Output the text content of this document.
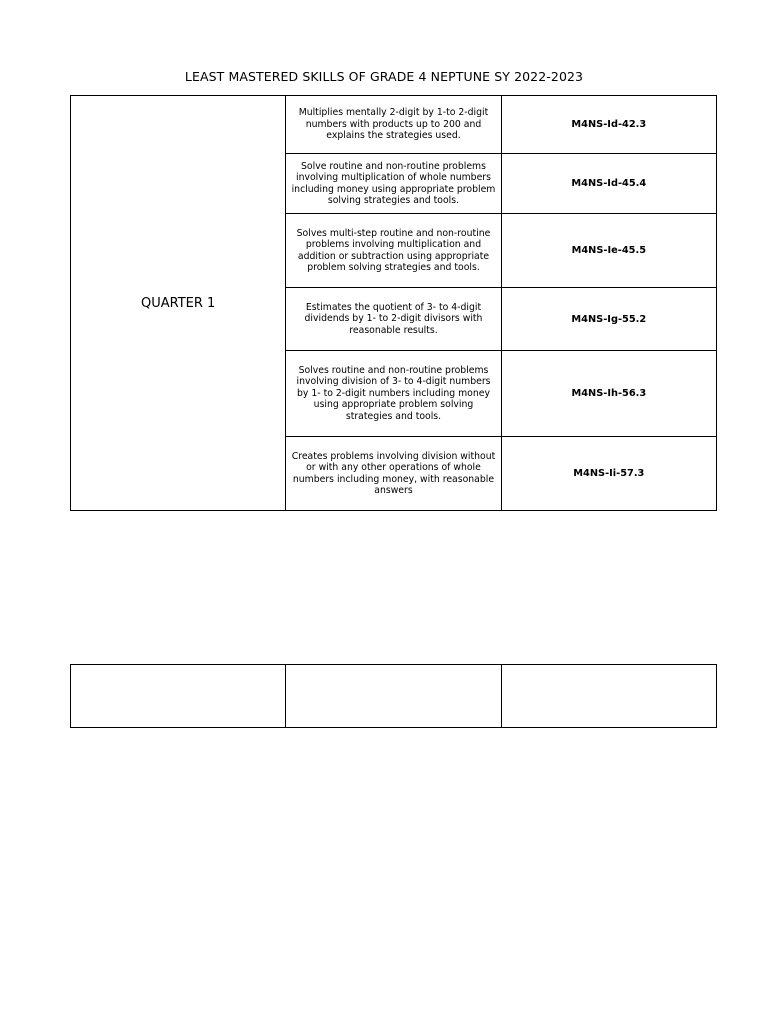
LEAST MASTERED SKILLS OF GRADE 4 NEPTUNE SY 2022-2023
QUARTER 1	Multiplies mentally 2-digit by 1-to 2-digit numbers with products up to 200 and explains the strategies used.	M4NS-Id-42.3
	Solve routine and non-routine problems involving multiplication of whole numbers including money using appropriate problem solving strategies and tools.	M4NS-Id-45.4
	Solves multi-step routine and non-routine problems involving multiplication and addition or subtraction using appropriate problem solving strategies and tools.	M4NS-Ie-45.5
	Estimates the quotient of 3- to 4-digit dividends by 1- to 2-digit divisors with reasonable results.	M4NS-Ig-55.2
	Solves routine and non-routine problems involving division of 3- to 4-digit numbers by 1- to 2-digit numbers including money using appropriate problem solving strategies and tools.	M4NS-Ih-56.3
	Creates problems involving division without or with any other operations of whole numbers including money, with reasonable answers	M4NS-Ii-57.3
